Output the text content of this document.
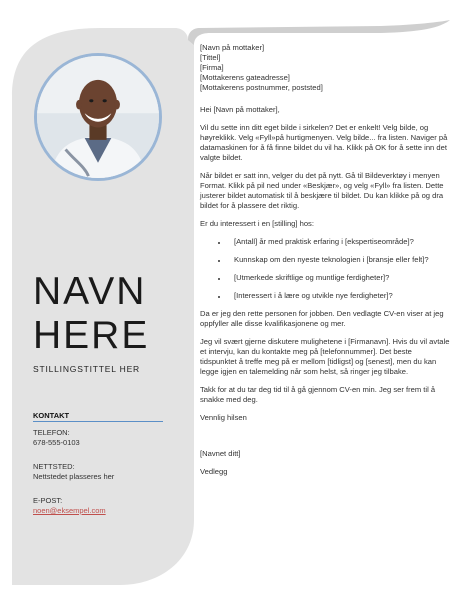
NAVN
HERE
STILLINGSTITTEL HER
KONTAKT
TELEFON:
678-555-0103
NETTSTED:
Nettstedet plasseres her
E-POST:
noen@eksempel.com
[Navn på mottaker]
[Tittel]
[Firma]
[Mottakerens gateadresse]
[Mottakerens postnummer, poststed]

Hei [Navn på mottaker],

Vil du sette inn ditt eget bilde i sirkelen? Det er enkelt! Velg bilde, og høyreklikk. Velg «Fyll»på hurtigmenyen. Velg bilde... fra listen. Naviger på datamaskinen for å få finne bildet du vil ha. Klikk på OK for å sette inn det valgte bildet.

Når bildet er satt inn, velger du det på nytt. Gå til Bildeverktøy i menyen Format. Klikk på pil ned under «Beskjær», og velg «Fyll» fra listen. Dette justerer bildet automatisk til å beskjære til bildet. Du kan klikke på og dra bildet for å plassere det riktig.

Er du interessert i en [stilling] hos:

• [Antall] år med praktisk erfaring i [ekspertiseområde]?
• Kunnskap om den nyeste teknologien i [bransje eller felt]?
• [Utmerkede skriftlige og muntlige ferdigheter]?
• [Interessert i å lære og utvikle nye ferdigheter]?

Da er jeg den rette personen for jobben. Den vedlagte CV-en viser at jeg oppfyller alle disse kvalifikasjonene og mer.

Jeg vil svært gjerne diskutere mulighetene i [Firmanavn]. Hvis du vil avtale et intervju, kan du kontakte meg på [telefonnummer]. Det beste tidspunktet å treffe meg på er mellom [tidligst] og [senest], men du kan legge igjen en talemelding når som helst, så ringer jeg tilbake.

Takk for at du tar deg tid til å gå gjennom CV-en min. Jeg ser frem til å snakke med deg.

Vennlig hilsen

[Navnet ditt]

Vedlegg
